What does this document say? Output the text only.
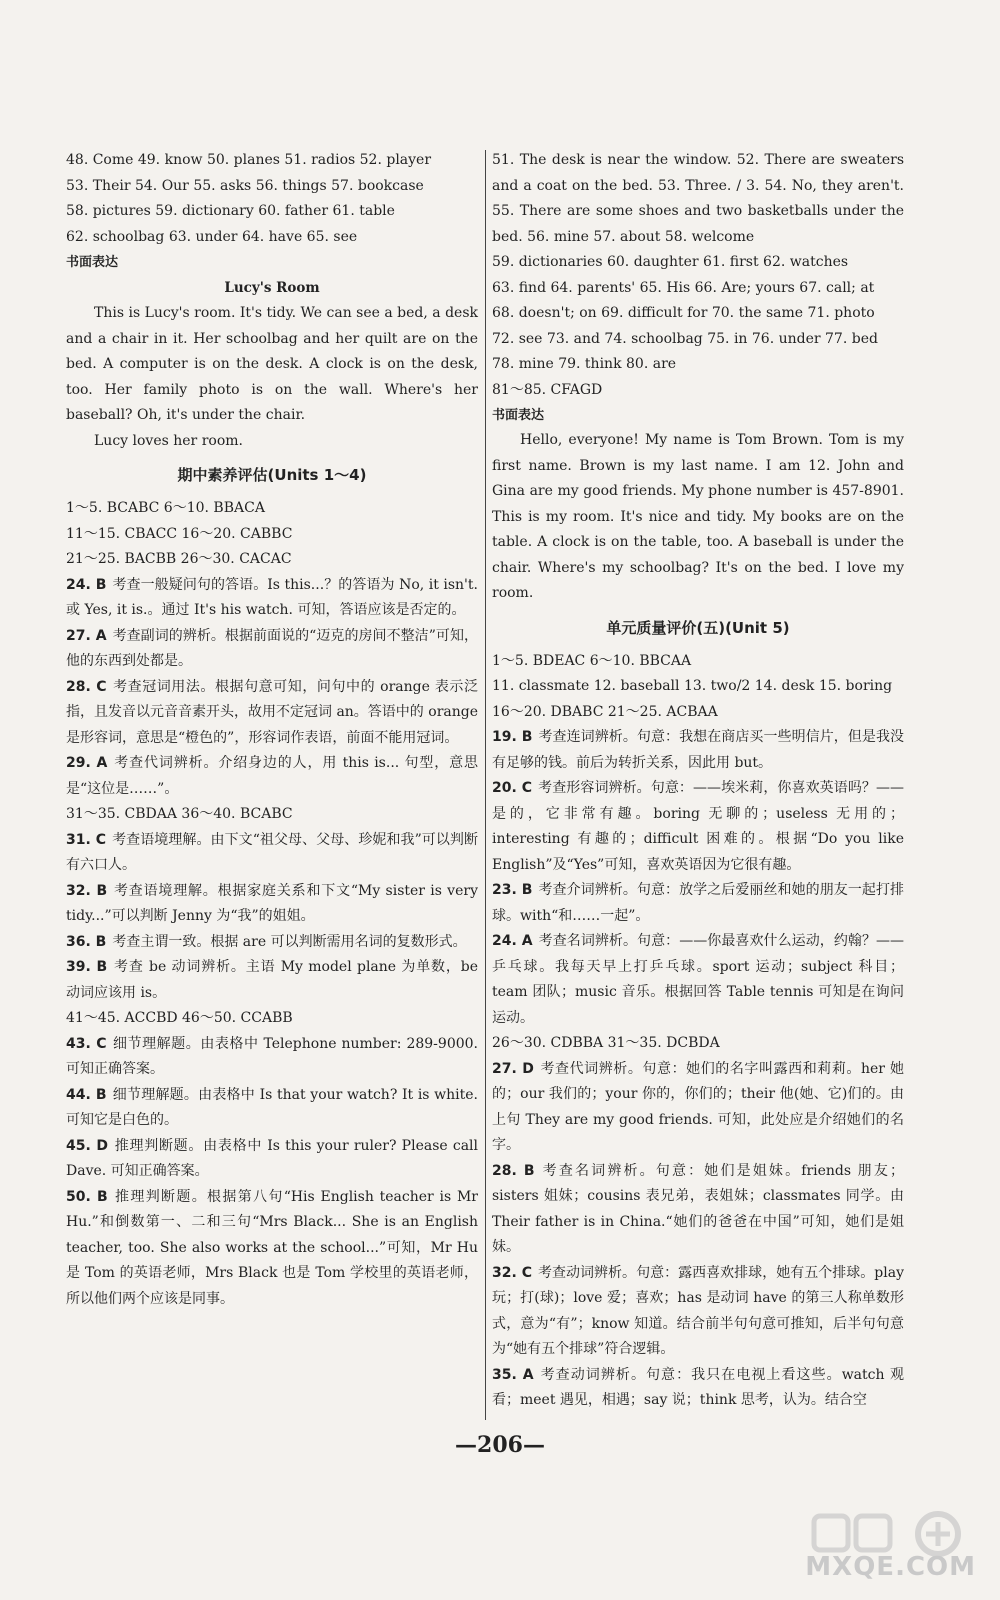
48. Come 49. know 50. planes 51. radios 52. player

53. Their 54. Our 55. asks 56. things 57. bookcase

58. pictures 59. dictionary 60. father 61. table

62. schoolbag 63. under 64. have 65. see

书面表达

Lucy's Room

This is Lucy's room. It's tidy. We can see a bed, a desk and a chair in it. Her schoolbag and her quilt are on the bed. A computer is on the desk. A clock is on the desk, too. Her family photo is on the wall. Where's her baseball? Oh, it's under the chair.

Lucy loves her room.

期中素养评估(Units 1～4)

1～5. BCABC 6～10. BBACA

11～15. CBACC 16～20. CABBC

21～25. BACBB 26～30. CACAC

24. B 考查一般疑问句的答语。Is this...？的答语为 No, it isn't. 或 Yes, it is.。通过 It's his watch. 可知，答语应该是否定的。

27. A 考查副词的辨析。根据前面说的“迈克的房间不整洁”可知，他的东西到处都是。

28. C 考查冠词用法。根据句意可知，问句中的 orange 表示泛指，且发音以元音音素开头，故用不定冠词 an。答语中的 orange 是形容词，意思是“橙色的”，形容词作表语，前面不能用冠词。

29. A 考查代词辨析。介绍身边的人，用 this is... 句型，意思是“这位是……”。

31～35. CBDAA 36～40. BCABC

31. C 考查语境理解。由下文“祖父母、父母、珍妮和我”可以判断有六口人。

32. B 考查语境理解。根据家庭关系和下文“My sister is very tidy...”可以判断 Jenny 为“我”的姐姐。

36. B 考查主谓一致。根据 are 可以判断需用名词的复数形式。

39. B 考查 be 动词辨析。主语 My model plane 为单数，be 动词应该用 is。

41～45. ACCBD 46～50. CCABB

43. C 细节理解题。由表格中 Telephone number: 289-9000. 可知正确答案。

44. B 细节理解题。由表格中 Is that your watch? It is white. 可知它是白色的。

45. D 推理判断题。由表格中 Is this your ruler? Please call Dave. 可知正确答案。

50. B 推理判断题。根据第八句“His English teacher is Mr Hu.”和倒数第一、二和三句“Mrs Black... She is an English teacher, too. She also works at the school...”可知，Mr Hu 是 Tom 的英语老师，Mrs Black 也是 Tom 学校里的英语老师，所以他们两个应该是同事。

51. The desk is near the window. 52. There are sweaters and a coat on the bed. 53. Three. / 3. 54. No, they aren't. 55. There are some shoes and two basketballs under the bed. 56. mine 57. about 58. welcome

59. dictionaries 60. daughter 61. first 62. watches

63. find 64. parents' 65. His 66. Are; yours 67. call; at

68. doesn't; on 69. difficult for 70. the same 71. photo

72. see 73. and 74. schoolbag 75. in 76. under 77. bed

78. mine 79. think 80. are

81～85. CFAGD

书面表达

Hello, everyone! My name is Tom Brown. Tom is my first name. Brown is my last name. I am 12. John and Gina are my good friends. My phone number is 457-8901. This is my room. It's nice and tidy. My books are on the table. A clock is on the table, too. A baseball is under the chair. Where's my schoolbag? It's on the bed. I love my room.

单元质量评价(五)(Unit 5)

1～5. BDEAC 6～10. BBCAA

11. classmate 12. baseball 13. two/2 14. desk 15. boring

16～20. DBABC 21～25. ACBAA

19. B 考查连词辨析。句意：我想在商店买一些明信片，但是我没有足够的钱。前后为转折关系，因此用 but。

20. C 考查形容词辨析。句意：——埃米莉，你喜欢英语吗？——是的，它非常有趣。boring 无聊的；useless 无用的；interesting 有趣的；difficult 困难的。根据“Do you like English”及“Yes”可知，喜欢英语因为它很有趣。

23. B 考查介词辨析。句意：放学之后爱丽丝和她的朋友一起打排球。with“和……一起”。

24. A 考查名词辨析。句意：——你最喜欢什么运动，约翰？——乒乓球。我每天早上打乒乓球。sport 运动；subject 科目；team 团队；music 音乐。根据回答 Table tennis 可知是在询问运动。

26～30. CDBBA 31～35. DCBDA

27. D 考查代词辨析。句意：她们的名字叫露西和莉莉。her 她的；our 我们的；your 你的，你们的；their 他(她、它)们的。由上句 They are my good friends. 可知，此处应是介绍她们的名字。

28. B 考查名词辨析。句意：她们是姐妹。friends 朋友；sisters 姐妹；cousins 表兄弟，表姐妹；classmates 同学。由 Their father is in China.“她们的爸爸在中国”可知，她们是姐妹。

32. C 考查动词辨析。句意：露西喜欢排球，她有五个排球。play 玩；打(球)；love 爱；喜欢；has 是动词 have 的第三人称单数形式，意为“有”；know 知道。结合前半句句意可推知，后半句句意为“她有五个排球”符合逻辑。

35. A 考查动词辨析。句意：我只在电视上看这些。watch 观看；meet 遇见，相遇；say 说；think 思考，认为。结合空

—206—
MXQE.COM
